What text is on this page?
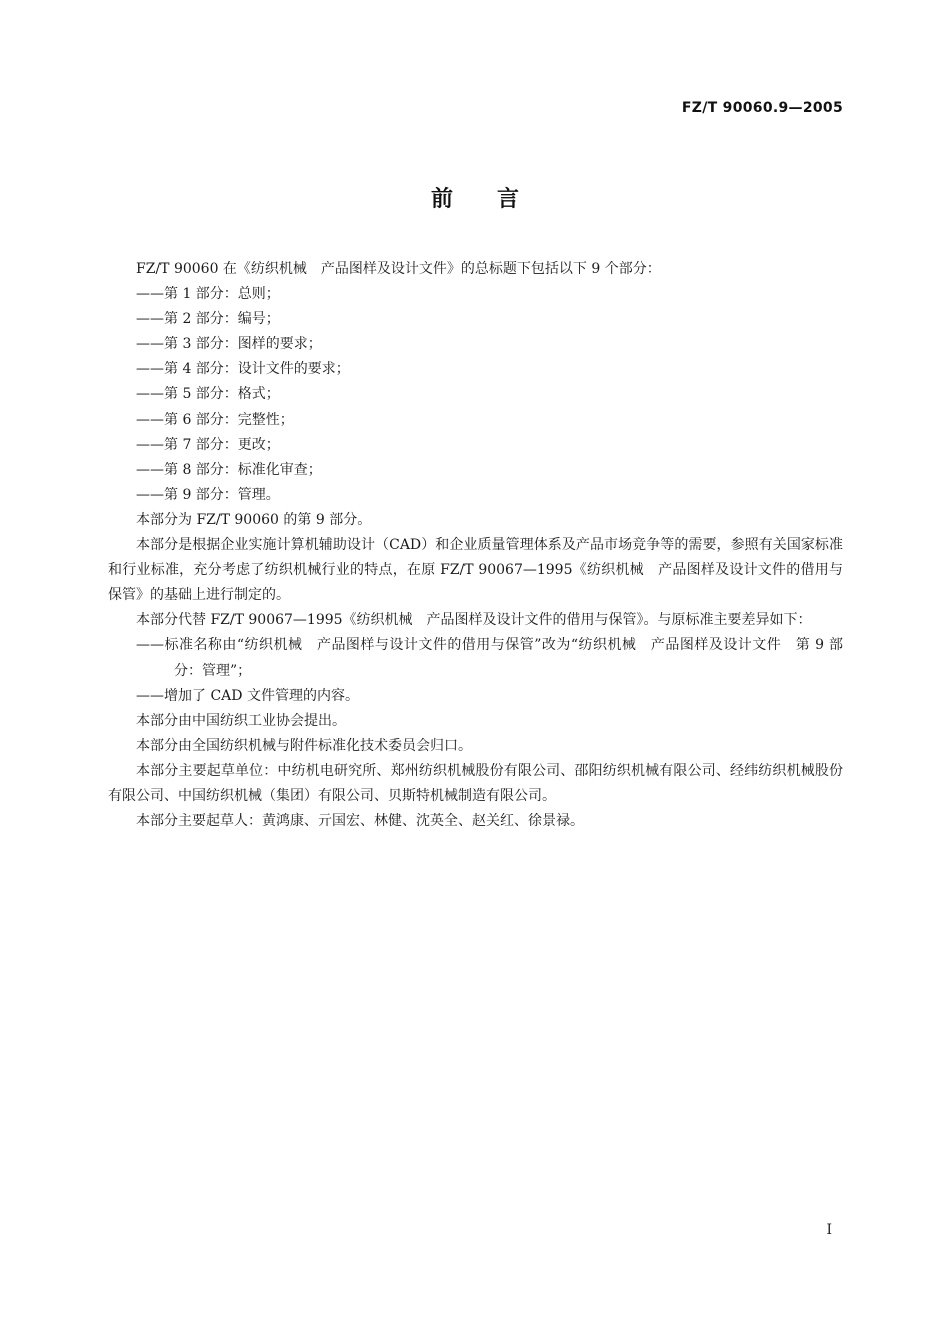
FZ/T 90060.9—2005
前言

FZ/T 90060 在《纺织机械　产品图样及设计文件》的总标题下包括以下 9 个部分：

——第 1 部分：总则；

——第 2 部分：编号；

——第 3 部分：图样的要求；

——第 4 部分：设计文件的要求；

——第 5 部分：格式；

——第 6 部分：完整性；

——第 7 部分：更改；

——第 8 部分：标准化审查；

——第 9 部分：管理。

本部分为 FZ/T 90060 的第 9 部分。

本部分是根据企业实施计算机辅助设计（CAD）和企业质量管理体系及产品市场竞争等的需要，参照有关国家标准和行业标准，充分考虑了纺织机械行业的特点，在原 FZ/T 90067—1995《纺织机械　产品图样及设计文件的借用与保管》的基础上进行制定的。

本部分代替 FZ/T 90067—1995《纺织机械　产品图样及设计文件的借用与保管》。与原标准主要差异如下：

——标准名称由“纺织机械　产品图样与设计文件的借用与保管”改为“纺织机械　产品图样及设计文件　第 9 部分：管理”；

——增加了 CAD 文件管理的内容。

本部分由中国纺织工业协会提出。

本部分由全国纺织机械与附件标准化技术委员会归口。

本部分主要起草单位：中纺机电研究所、郑州纺织机械股份有限公司、邵阳纺织机械有限公司、经纬纺织机械股份有限公司、中国纺织机械（集团）有限公司、贝斯特机械制造有限公司。

本部分主要起草人：黄鸿康、亓国宏、林健、沈英全、赵关红、徐景禄。

I
